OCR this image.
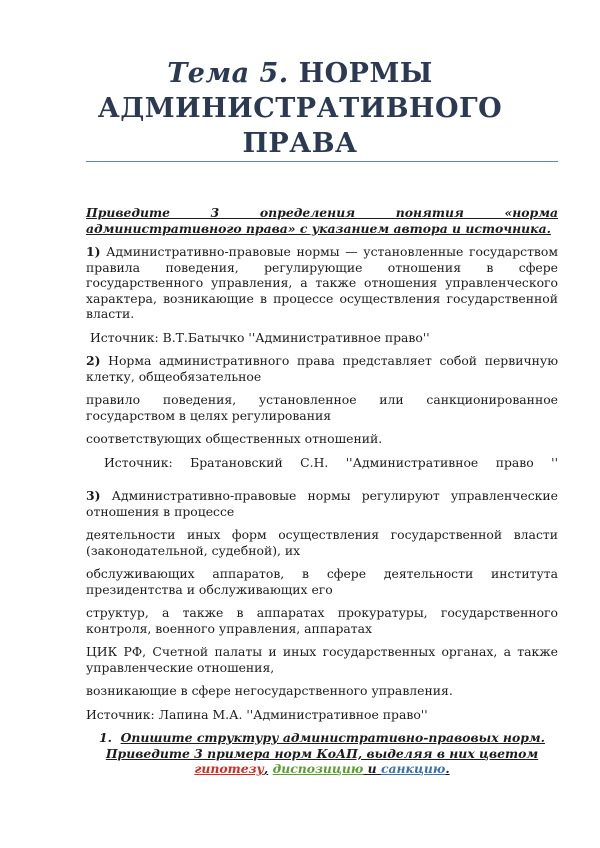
Тема 5. НОРМЫ
АДМИНИСТРАТИВНОГО
ПРАВА
Приведите 3 определения понятия «норма
административного права» с указанием автора и источника.
1) Административно-правовые нормы — установленные государством правила поведения, регулирующие отношения в сфере государственного управления, а также отношения управленческого характера, возникающие в процессе осуществления государственной власти.
Источник: В.Т.Батычко ''Административное право''
2) Норма административного права представляет собой первичную клетку, общеобязательное
правило поведения, установленное или санкционированное государством в целях регулирования
соответствующих общественных отношений.
Источник: Братановский С.Н. ''Административное право ''
3) Административно-правовые нормы регулируют управленческие отношения в процессе
деятельности иных форм осуществления государственной власти (законодательной, судебной), их
обслуживающих аппаратов, в сфере деятельности института президентства и обслуживающих его
структур, а также в аппаратах прокуратуры, государственного контроля, военного управления, аппаратах
ЦИК РФ, Счетной палаты и иных государственных органах, а также управленческие отношения,
возникающие в сфере негосударственного управления.
Источник: Лапина М.А. ''Административное право''
1. Опишите структуру административно-правовых норм.
Приведите 3 примера норм КоАП, выделяя в них цветом
гипотезу, диспозицию и санкцию.
